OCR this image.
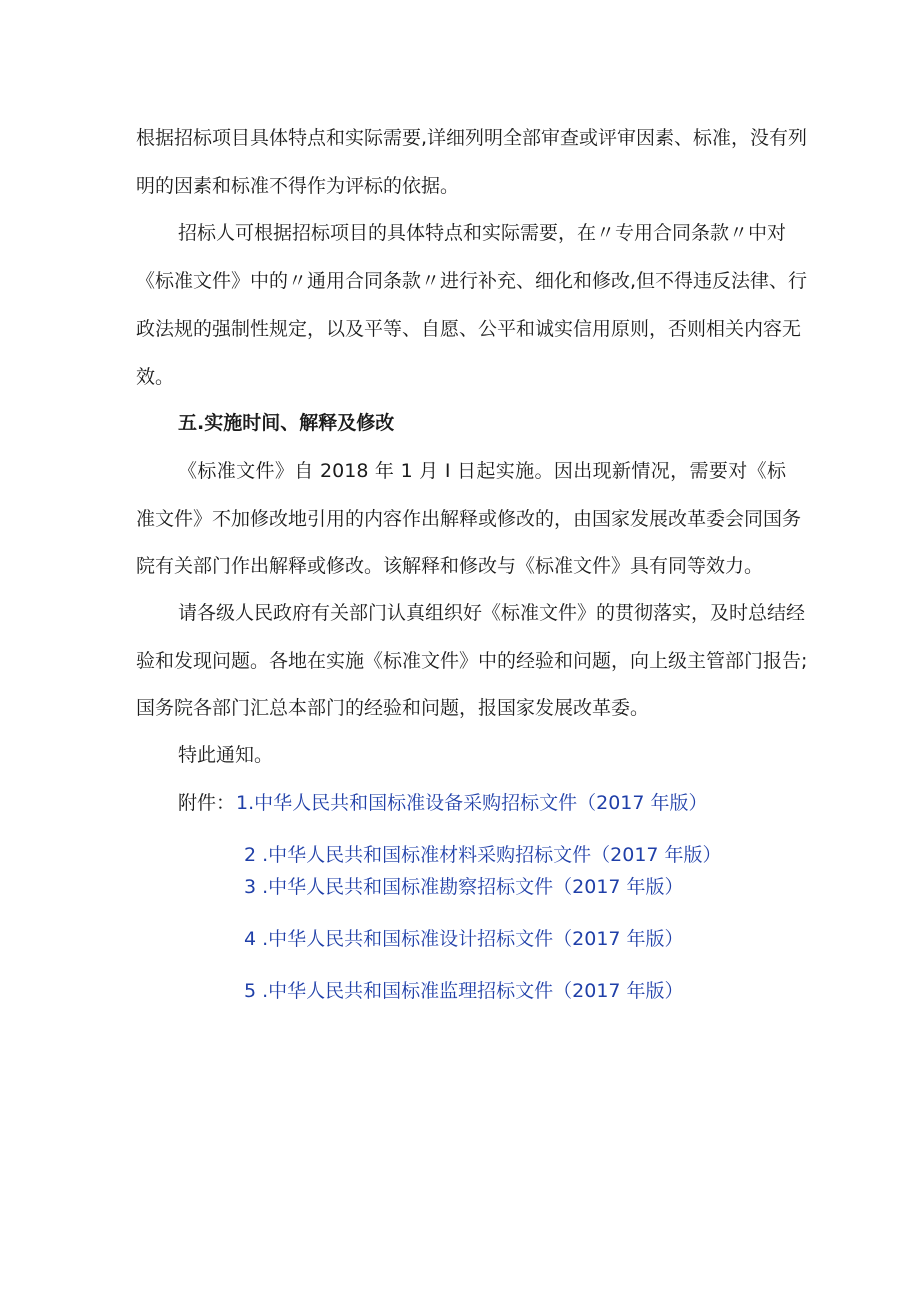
根据招标项目具体特点和实际需要,详细列明全部审查或评审因素、标准，没有列
明的因素和标准不得作为评标的依据。
招标人可根据招标项目的具体特点和实际需要，在〃专用合同条款〃中对
《标准文件》中的〃通用合同条款〃进行补充、细化和修改,但不得违反法律、行
政法规的强制性规定，以及平等、自愿、公平和诚实信用原则，否则相关内容无
效。
五.实施时间、解释及修改
《标准文件》自 2018 年 1 月 I 日起实施。因出现新情况，需要对《标
准文件》不加修改地引用的内容作出解释或修改的，由国家发展改革委会同国务
院有关部门作出解释或修改。该解释和修改与《标准文件》具有同等效力。
请各级人民政府有关部门认真组织好《标准文件》的贯彻落实，及时总结经
验和发现问题。各地在实施《标准文件》中的经验和问题，向上级主管部门报告;
国务院各部门汇总本部门的经验和问题，报国家发展改革委。
特此通知。
附件： 1.中华人民共和国标准设备采购招标文件（2017 年版）
2 .中华人民共和国标准材料采购招标文件（2017 年版）
3 .中华人民共和国标准勘察招标文件（2017 年版）
4 .中华人民共和国标准设计招标文件（2017 年版）
5 .中华人民共和国标准监理招标文件（2017 年版）
